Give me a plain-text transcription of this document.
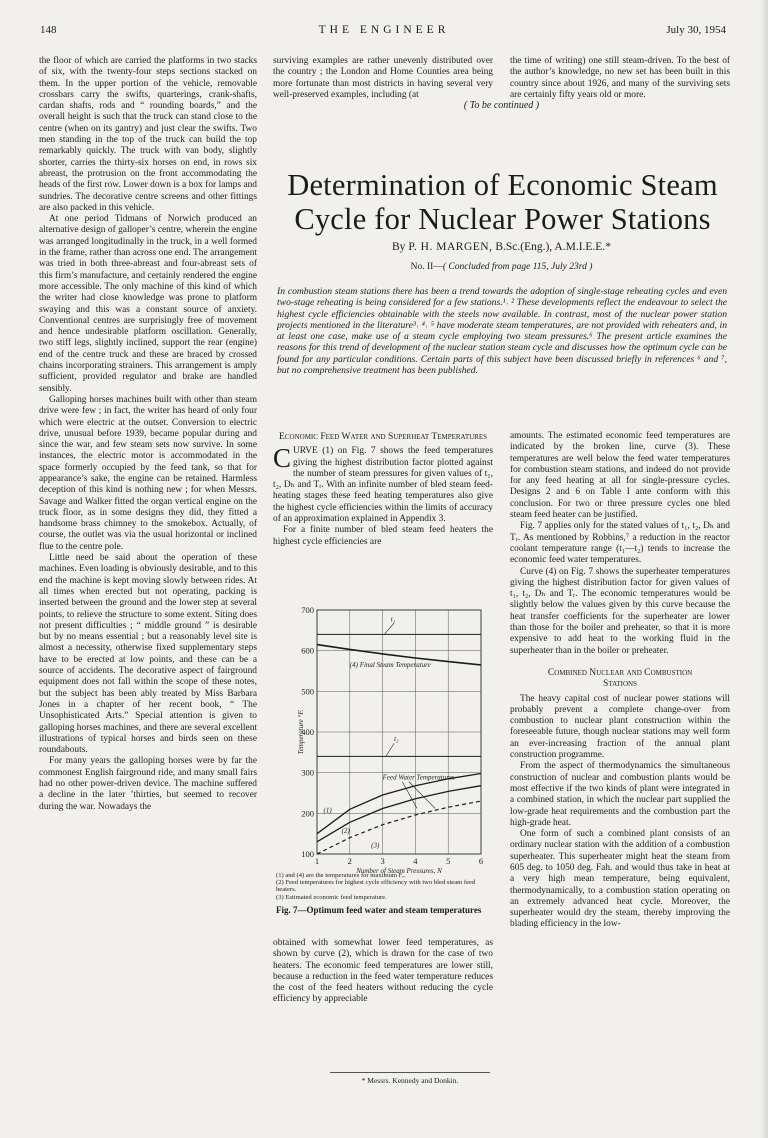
148	THE ENGINEER	July 30, 1954

the floor of which are carried the platforms in two stacks of six, with the twenty-four steps sections stacked on them. In the upper portion of the vehicle, removable crossbars carry the swifts, quarterings, crank-shafts, cardan shafts, rods and “ rounding boards,” and the overall height is such that the truck can stand close to the centre (when on its gantry) and just clear the swifts. Two men standing in the top of the truck can build the top remarkably quickly. The truck with van body, slightly shorter, carries the thirty-six horses on end, in rows six abreast, the protrusion on the front accommodating the heads of the first row. Lower down is a box for lamps and sundries. The decorative centre screens and other fittings are also packed in this vehicle.

At one period Tidmans of Norwich produced an alternative design of galloper’s centre, wherein the engine was arranged longitudinally in the truck, in a well formed in the frame, rather than across one end. The arrangement was tried in both three-abreast and four-abreast sets of this firm’s manufacture, and certainly rendered the engine more accessible. The only machine of this kind of which the writer had close knowledge was prone to platform swaying and this was a constant source of anxiety. Conventional centres are surprisingly free of movement and hence undesirable platform oscillation. Generally, two stiff legs, slightly inclined, support the rear (engine) end of the centre truck and these are braced by crossed chains incorporating strainers. This arrangement is amply sufficient, provided regulator and brake are handled sensibly.

Galloping horses machines built with other than steam drive were few ; in fact, the writer has heard of only four which were electric at the outset. Conversion to electric drive, unusual before 1939, became popular during and since the war, and few steam sets now survive. In some instances, the electric motor is accommodated in the space formerly occupied by the feed tank, so that for appearance’s sake, the engine can be retained. Harmless deception of this kind is nothing new ; for when Messrs. Savage and Walker fitted the organ vertical engine on the truck floor, as in some designs they did, they fitted a handsome brass chimney to the smokebox. Actually, of course, the outlet was via the usual horizontal or inclined flue to the centre pole.

Little need be said about the operation of these machines. Even loading is obviously desirable, and to this end the machine is kept moving slowly between rides. At all times when erected but not operating, packing is inserted between the ground and the lower step at several points, to relieve the structure to some extent. Siting does not present difficulties ; “ middle ground ” is desirable but by no means essential ; but a reasonably level site is almost a necessity, otherwise fixed supplementary steps have to be erected at low points, and these can be a source of accidents. The decorative aspect of fairground equipment does not fall within the scope of these notes, but the subject has been ably treated by Miss Barbara Jones in a chapter of her recent book, “ The Unsophisticated Arts.” Special attention is given to galloping horses machines, and there are several excellent illustrations of typical horses and birds seen on these roundabouts.

For many years the galloping horses were by far the commonest English fairground ride, and many small fairs had no other power-driven device. The machine suffered a decline in the later ’thirties, but seemed to recover during the war. Nowadays the

surviving examples are rather unevenly distributed over the country ; the London and Home Counties area being more fortunate than most districts in having several very well-preserved examples, including (at

the time of writing) one still steam-driven. To the best of the author’s knowledge, no new set has been built in this country since about 1926, and many of the surviving sets are certainly fifty years old or more.

( To be continued )
Determination of Economic Steam
Cycle for Nuclear Power Stations
By P. H. MARGEN, B.Sc.(Eng.), A.M.I.E.E.*
No. II—( Concluded from page 115, July 23rd )
In combustion steam stations there has been a trend towards the adoption of single-stage reheating cycles and even two-stage reheating is being considered for a few stations.¹˒ ² These developments reflect the endeavour to select the highest cycle efficiencies obtainable with the steels now available. In contrast, most of the nuclear power station projects mentioned in the literature³˒ ⁴˒ ⁵ have moderate steam temperatures, are not provided with reheaters and, in at least one case, make use of a steam cycle employing two steam pressures.⁶ The present article examines the reasons for this trend of development of the nuclear station steam cycle and discusses how the optimum cycle can be found for any particular conditions. Certain parts of this subject have been discussed briefly in references ⁶ and ⁷, but no comprehensive treatment has been published.
Economic Feed Water and Superheat Temperatures

CURVE (1) on Fig. 7 shows the feed temperatures giving the highest distribution factor plotted against the number of steam pressures for given values of t₁, t₂, Dₕ and Tᵣ. With an infinite number of bled steam feed-heating stages these feed heating temperatures also give the highest cycle efficiencies within the limits of accuracy of an approximation explained in Appendix 3.

For a finite number of bled steam feed heaters the highest cycle efficiencies are

100
200
300
400
500
600
700
1	2	3	4	5	6
Number of Steam Pressures, N
Temperature °F.
t₁
(4) Final Steam Temperature
t₂
Feed Water Temperatures
(1)
(2)
(3)
(1) and (4) are the temperatures for maximum Fₑ.
(2) Feed temperatures for highest cycle efficiency with two bled steam feed heaters.
(3) Estimated economic feed temperature.
Fig. 7—Optimum feed water and steam temperatures

obtained with somewhat lower feed temperatures, as shown by curve (2), which is drawn for the case of two heaters. The economic feed temperatures are lower still, because a reduction in the feed water temperature reduces the cost of the feed heaters without reducing the cycle efficiency by appreciable

* Messrs. Kennedy and Donkin.

amounts. The estimated economic feed temperatures are indicated by the broken line, curve (3). These temperatures are well below the feed water temperatures for combustion steam stations, and indeed do not provide for any feed heating at all for single-pressure cycles. Designs 2 and 6 on Table I ante conform with this conclusion. For two or three pressure cycles one bled steam feed heater can be justified.

Fig. 7 applies only for the stated values of t₁, t₂, Dₕ and Tᵣ. As mentioned by Robbins,⁷ a reduction in the reactor coolant temperature range (t₁—t₂) tends to increase the economic feed water temperatures.

Curve (4) on Fig. 7 shows the superheater temperatures giving the highest distribution factor for given values of t₁, t₂, Dₕ and Tᵣ. The economic temperatures would be slightly below the values given by this curve because the heat transfer coefficients for the superheater are lower than those for the boiler and preheater, so that it is more expensive to add heat to the working fluid in the superheater than in the boiler or preheater.

Combined Nuclear and Combustion
Stations

The heavy capital cost of nuclear power stations will probably prevent a complete change-over from combustion to nuclear plant construction within the foreseeable future, though nuclear stations may well form an ever-increasing fraction of the annual plant construction programme.

From the aspect of thermodynamics the simultaneous construction of nuclear and combustion plants would be most effective if the two kinds of plant were integrated in a combined station, in which the nuclear part supplied the low-grade heat requirements and the combustion part the high-grade heat.

One form of such a combined plant consists of an ordinary nuclear station with the addition of a combustion superheater. This superheater might heat the steam from 605 deg. to 1050 deg. Fah. and would thus take in heat at a very high mean temperature, being equivalent, thermodynamically, to a combustion station operating on an extremely advanced heat cycle. Moreover, the superheater would dry the steam, thereby improving the blading efficiency in the low-
